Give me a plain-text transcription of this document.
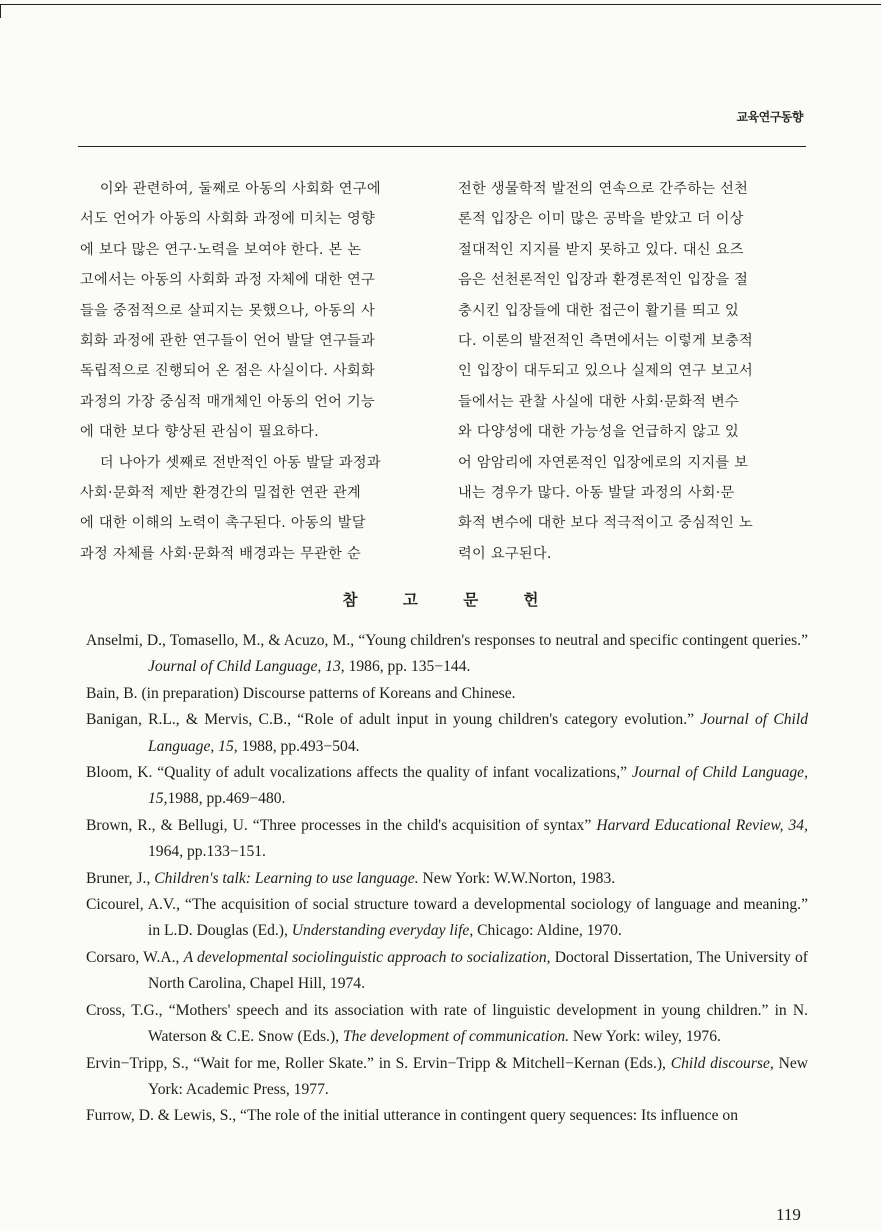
교육연구동향
이와 관련하여, 둘째로 아동의 사회화 연구에
서도 언어가 아동의 사회화 과정에 미치는 영향
에 보다 많은 연구·노력을 보여야 한다. 본 논
고에서는 아동의 사회화 과정 자체에 대한 연구
들을 중점적으로 살피지는 못했으나, 아동의 사
회화 과정에 관한 연구들이 언어 발달 연구들과
독립적으로 진행되어 온 점은 사실이다. 사회화
과정의 가장 중심적 매개체인 아동의 언어 기능
에 대한 보다 향상된 관심이 필요하다.
더 나아가 셋째로 전반적인 아동 발달 과정과
사회·문화적 제반 환경간의 밀접한 연관 관계
에 대한 이해의 노력이 촉구된다. 아동의 발달
과정 자체를 사회·문화적 배경과는 무관한 순
전한 생물학적 발전의 연속으로 간주하는 선천
론적 입장은 이미 많은 공박을 받았고 더 이상
절대적인 지지를 받지 못하고 있다. 대신 요즈
음은 선천론적인 입장과 환경론적인 입장을 절
충시킨 입장들에 대한 접근이 활기를 띄고 있
다. 이론의 발전적인 측면에서는 이렇게 보충적
인 입장이 대두되고 있으나 실제의 연구 보고서
들에서는 관찰 사실에 대한 사회·문화적 변수
와 다양성에 대한 가능성을 언급하지 않고 있
어 암암리에 자연론적인 입장에로의 지지를 보
내는 경우가 많다. 아동 발달 과정의 사회·문
화적 변수에 대한 보다 적극적이고 중심적인 노
력이 요구된다.
참 고 문 헌

Anselmi, D., Tomasello, M., & Acuzo, M., “Young children's responses to neutral and specific contingent queries.” Journal of Child Language, 13, 1986, pp. 135−144.

Bain, B. (in preparation) Discourse patterns of Koreans and Chinese.

Banigan, R.L., & Mervis, C.B., “Role of adult input in young children's category evolution.” Journal of Child Language, 15, 1988, pp.493−504.

Bloom, K. “Quality of adult vocalizations affects the quality of infant vocalizations,” Journal of Child Language, 15,1988, pp.469−480.

Brown, R., & Bellugi, U. “Three processes in the child's acquisition of syntax” Harvard Educational Review, 34, 1964, pp.133−151.

Bruner, J., Children's talk: Learning to use language. New York: W.W.Norton, 1983.

Cicourel, A.V., “The acquisition of social structure toward a developmental sociology of language and meaning.” in L.D. Douglas (Ed.), Understanding everyday life, Chicago: Aldine, 1970.

Corsaro, W.A., A developmental sociolinguistic approach to socialization, Doctoral Dissertation, The University of North Carolina, Chapel Hill, 1974.

Cross, T.G., “Mothers' speech and its association with rate of linguistic development in young children.” in N. Waterson & C.E. Snow (Eds.), The development of communication. New York: wiley, 1976.

Ervin−Tripp, S., “Wait for me, Roller Skate.” in S. Ervin−Tripp & Mitchell−Kernan (Eds.), Child discourse, New York: Academic Press, 1977.

Furrow, D. & Lewis, S., “The role of the initial utterance in contingent query sequences: Its influence on

119
